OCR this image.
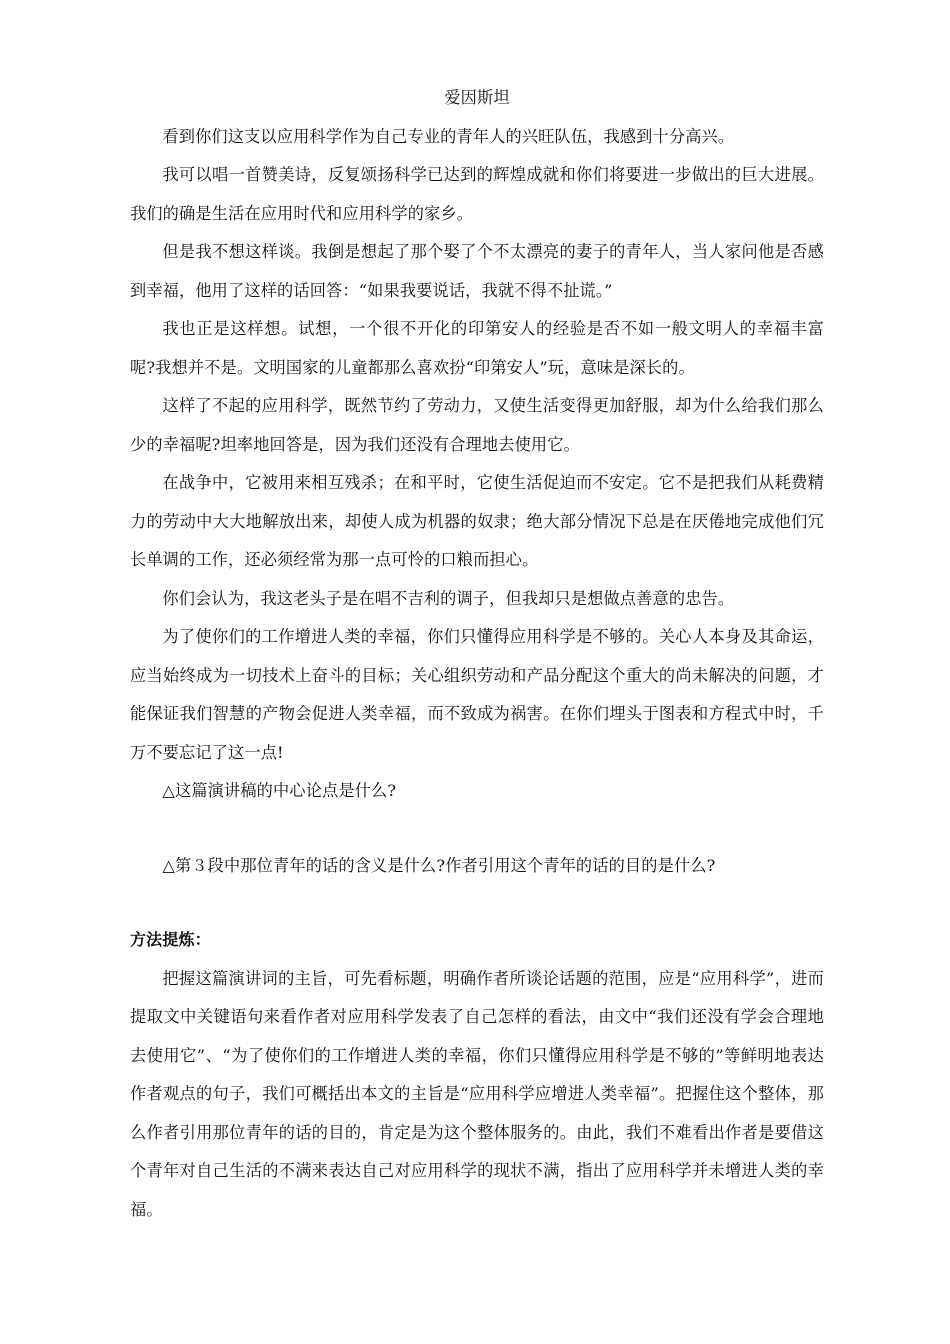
爱因斯坦

看到你们这支以应用科学作为自己专业的青年人的兴旺队伍，我感到十分高兴。

我可以唱一首赞美诗，反复颂扬科学已达到的辉煌成就和你们将要进一步做出的巨大进展。我们的确是生活在应用时代和应用科学的家乡。

但是我不想这样谈。我倒是想起了那个娶了个不太漂亮的妻子的青年人，当人家问他是否感到幸福，他用了这样的话回答：“如果我要说话，我就不得不扯谎。”

我也正是这样想。试想，一个很不开化的印第安人的经验是否不如一般文明人的幸福丰富呢?我想并不是。文明国家的儿童都那么喜欢扮“印第安人”玩，意味是深长的。

这样了不起的应用科学，既然节约了劳动力，又使生活变得更加舒服，却为什么给我们那么少的幸福呢?坦率地回答是，因为我们还没有合理地去使用它。

在战争中，它被用来相互残杀；在和平时，它使生活促迫而不安定。它不是把我们从耗费精力的劳动中大大地解放出来，却使人成为机器的奴隶；绝大部分情况下总是在厌倦地完成他们冗长单调的工作，还必须经常为那一点可怜的口粮而担心。

你们会认为，我这老头子是在唱不吉利的调子，但我却只是想做点善意的忠告。

为了使你们的工作增进人类的幸福，你们只懂得应用科学是不够的。关心人本身及其命运，应当始终成为一切技术上奋斗的目标；关心组织劳动和产品分配这个重大的尚未解决的问题，才能保证我们智慧的产物会促进人类幸福，而不致成为祸害。在你们埋头于图表和方程式中时，千万不要忘记了这一点!

△这篇演讲稿的中心论点是什么?

△第３段中那位青年的话的含义是什么?作者引用这个青年的话的目的是什么?

方法提炼：

把握这篇演讲词的主旨，可先看标题，明确作者所谈论话题的范围，应是“应用科学”，进而提取文中关键语句来看作者对应用科学发表了自己怎样的看法，由文中“我们还没有学会合理地去使用它”、“为了使你们的工作增进人类的幸福，你们只懂得应用科学是不够的”等鲜明地表达作者观点的句子，我们可概括出本文的主旨是“应用科学应增进人类幸福”。把握住这个整体，那么作者引用那位青年的话的目的，肯定是为这个整体服务的。由此，我们不难看出作者是要借这个青年对自己生活的不满来表达自己对应用科学的现状不满，指出了应用科学并未增进人类的幸福。
